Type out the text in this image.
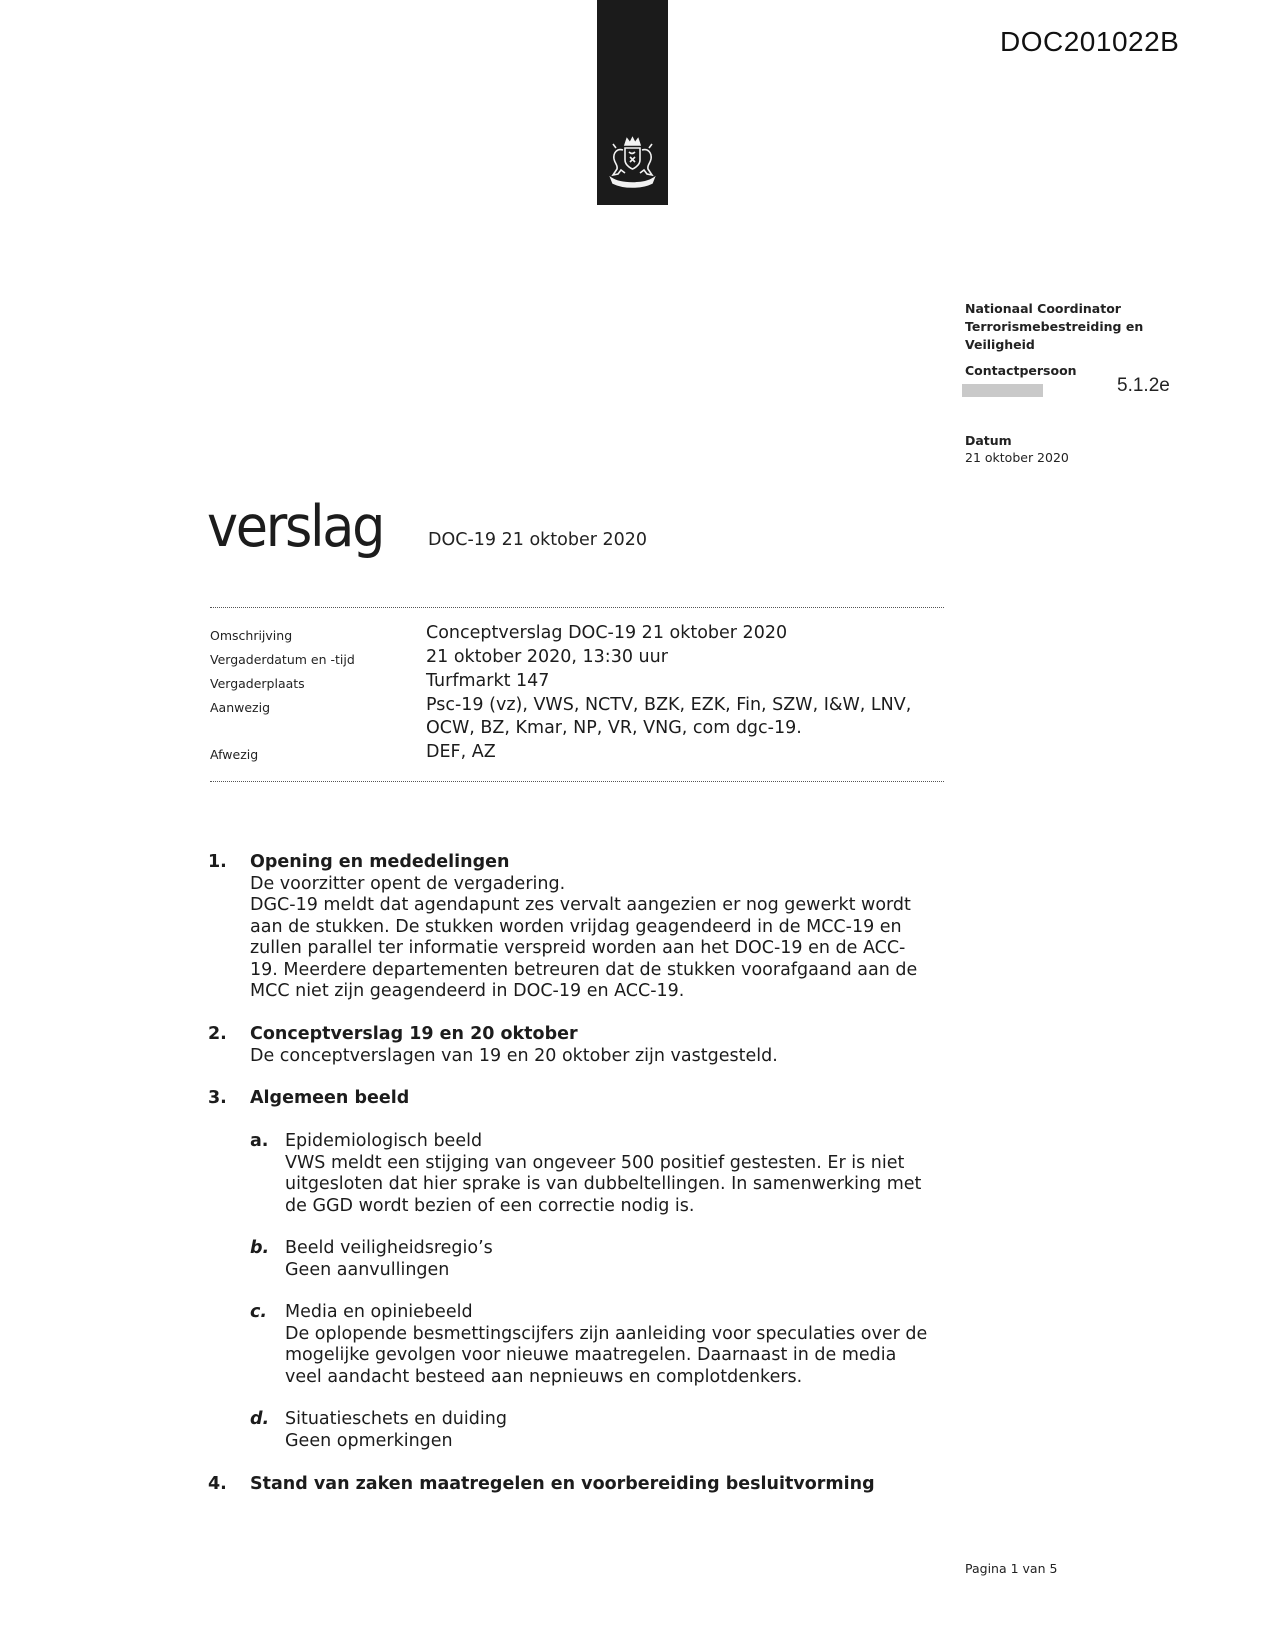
DOC201022B
Nationaal Coordinator
Terrorismebestreiding en
Veiligheid
Contactpersoon
5.1.2e
Datum
21 oktober 2020
verslag	DOC-19 21 oktober 2020
Omschrijving	Conceptverslag DOC-19 21 oktober 2020
Vergaderdatum en -tijd	21 oktober 2020, 13:30 uur
Vergaderplaats	Turfmarkt 147
Aanwezig	Psc-19 (vz), VWS, NCTV, BZK, EZK, Fin, SZW, I&W, LNV,
OCW, BZ, Kmar, NP, VR, VNG, com dgc-19.
Afwezig	DEF, AZ
1. Opening en mededelingen
De voorzitter opent de vergadering.
DGC-19 meldt dat agendapunt zes vervalt aangezien er nog gewerkt wordt
aan de stukken. De stukken worden vrijdag geagendeerd in de MCC-19 en
zullen parallel ter informatie verspreid worden aan het DOC-19 en de ACC-
19. Meerdere departementen betreuren dat de stukken voorafgaand aan de
MCC niet zijn geagendeerd in DOC-19 en ACC-19.
2. Conceptverslag 19 en 20 oktober
De conceptverslagen van 19 en 20 oktober zijn vastgesteld.
3. Algemeen beeld
a. Epidemiologisch beeld
VWS meldt een stijging van ongeveer 500 positief gestesten. Er is niet
uitgesloten dat hier sprake is van dubbeltellingen. In samenwerking met
de GGD wordt bezien of een correctie nodig is.
b. Beeld veiligheidsregio’s
Geen aanvullingen
c. Media en opiniebeeld
De oplopende besmettingscijfers zijn aanleiding voor speculaties over de
mogelijke gevolgen voor nieuwe maatregelen. Daarnaast in de media
veel aandacht besteed aan nepnieuws en complotdenkers.
d. Situatieschets en duiding
Geen opmerkingen
4. Stand van zaken maatregelen en voorbereiding besluitvorming
Pagina 1 van 5
